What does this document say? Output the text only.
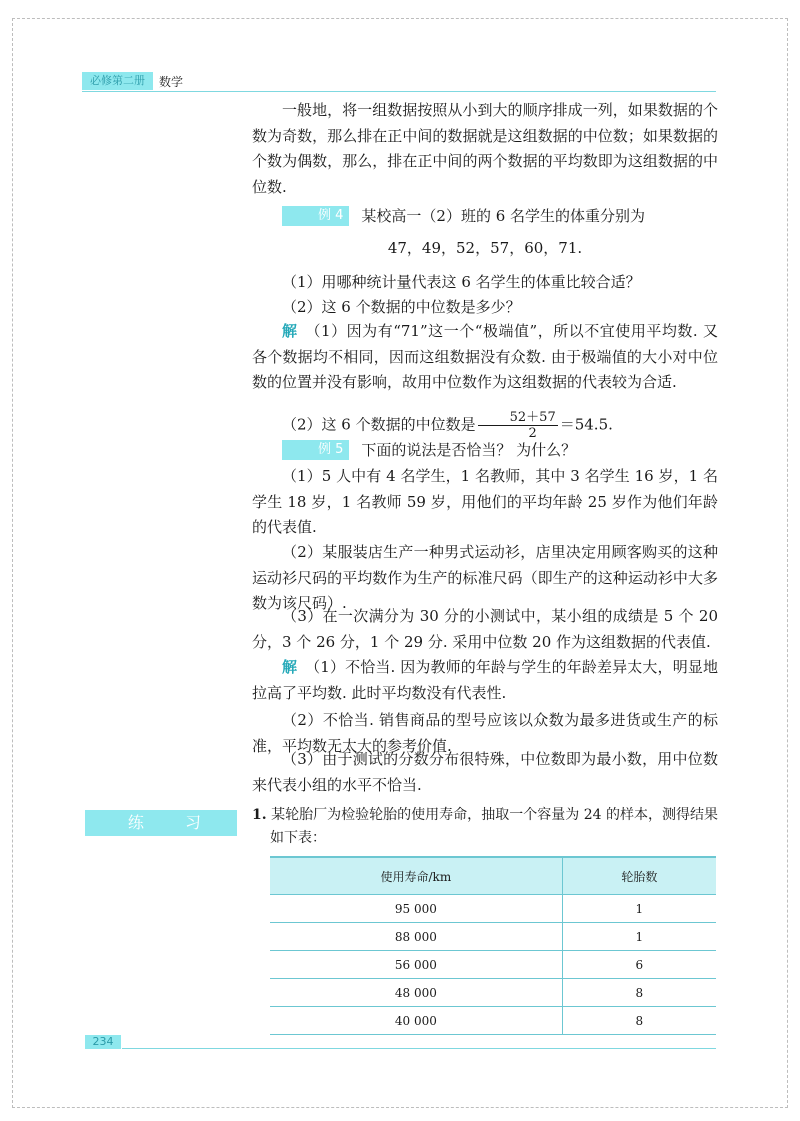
必修第二册	数学

一般地，将一组数据按照从小到大的顺序排成一列，如果数据的个数为奇数，那么排在正中间的数据就是这组数据的中位数；如果数据的个数为偶数，那么，排在正中间的两个数据的平均数即为这组数据的中位数.

例 4 某校高一（2）班的 6 名学生的体重分别为

47，49，52，57，60，71.

（1）用哪种统计量代表这 6 名学生的体重比较合适？

（2）这 6 个数据的中位数是多少？

解 （1）因为有“71”这一个“极端值”，所以不宜使用平均数. 又各个数据均不相同，因而这组数据没有众数. 由于极端值的大小对中位数的位置并没有影响，故用中位数作为这组数据的代表较为合适.

（2）这 6 个数据的中位数是 $\frac{52+57}{2} =54.5$.

例 5 下面的说法是否恰当？ 为什么？

（1）5 人中有 4 名学生，1 名教师，其中 3 名学生 16 岁，1 名学生 18 岁，1 名教师 59 岁，用他们的平均年龄 25 岁作为他们年龄的代表值.

（2）某服装店生产一种男式运动衫，店里决定用顾客购买的这种运动衫尺码的平均数作为生产的标准尺码（即生产的这种运动衫中大多数为该尺码）.

（3）在一次满分为 30 分的小测试中，某小组的成绩是 5 个 20 分，3 个 26 分，1 个 29 分. 采用中位数 20 作为这组数据的代表值.

解 （1）不恰当. 因为教师的年龄与学生的年龄差异太大，明显地拉高了平均数. 此时平均数没有代表性.

（2）不恰当. 销售商品的型号应该以众数为最多进货或生产的标准，平均数无太大的参考价值.

（3）由于测试的分数分布很特殊，中位数即为最小数，用中位数来代表小组的水平不恰当.

练 习 1. 某轮胎厂为检验轮胎的使用寿命，抽取一个容量为 24 的样本，测得结果如下表：

使用寿命/km	轮胎数
95 000	1
88 000	1
56 000	6
48 000	8
40 000	8
234
